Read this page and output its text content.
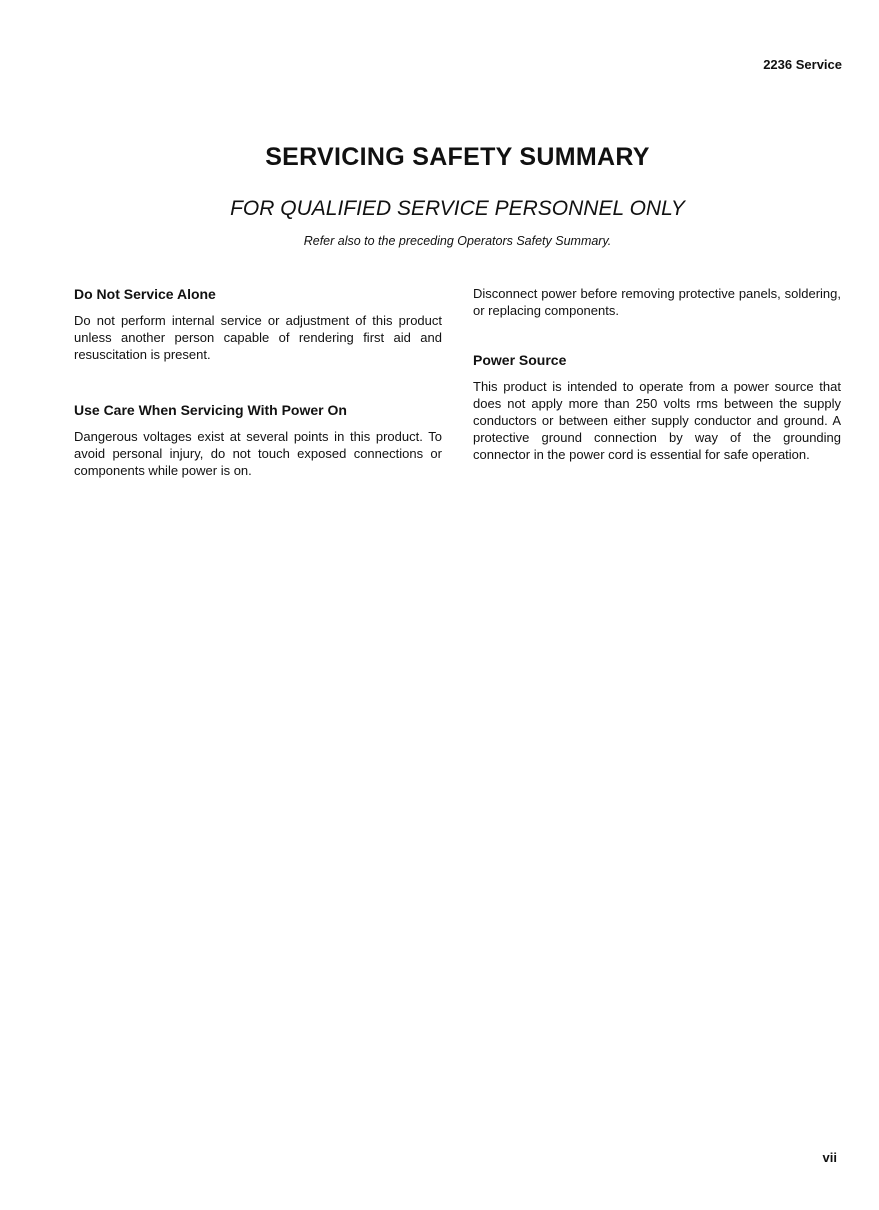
2236 Service
SERVICING SAFETY SUMMARY
FOR QUALIFIED SERVICE PERSONNEL ONLY
Refer also to the preceding Operators Safety Summary.
Do Not Service Alone

Do not perform internal service or adjustment of this product unless another person capable of rendering first aid and resuscitation is present.

Use Care When Servicing With Power On

Dangerous voltages exist at several points in this product. To avoid personal injury, do not touch exposed connections or components while power is on.

Disconnect power before removing protective panels, soldering, or replacing components.

Power Source

This product is intended to operate from a power source that does not apply more than 250 volts rms between the supply conductors or between either supply conductor and ground. A protective ground connection by way of the grounding connector in the power cord is essential for safe operation.

vii
